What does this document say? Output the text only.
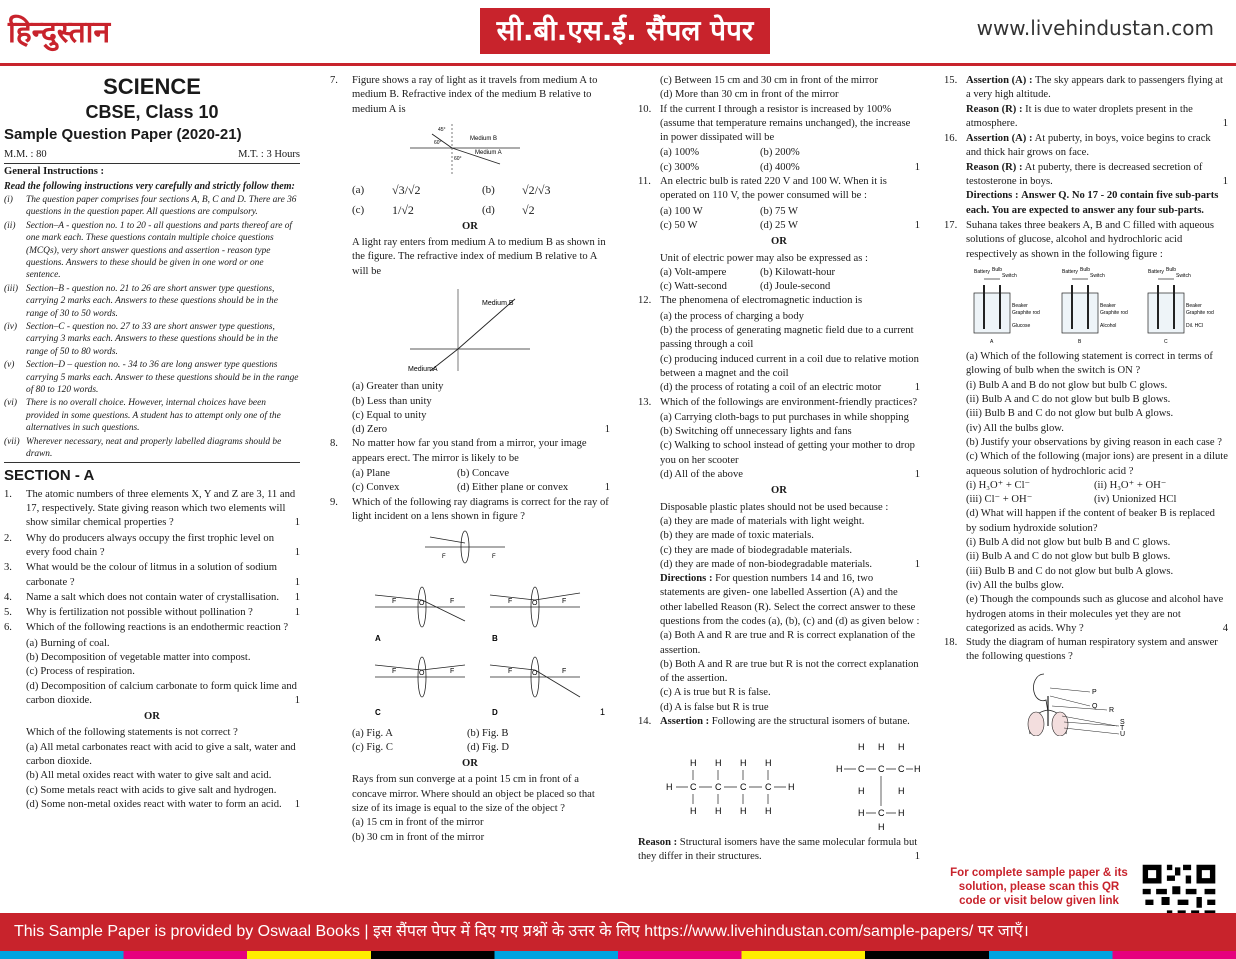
हिन्दुस्तान	सी.बी.एस.ई. सैंपल पेपर	www.livehindustan.com
SCIENCE
CBSE, Class 10
Sample Question Paper (2020-21)
M.M. : 80	M.T. : 3 Hours
General Instructions :
Read the following instructions very carefully and strictly follow them:
(i)	The question paper comprises four sections A, B, C and D. There are 36 questions in the question paper. All questions are compulsory.
(ii)	Section–A - question no. 1 to 20 - all questions and parts thereof are of one mark each. These questions contain multiple choice questions (MCQs), very short answer questions and assertion - reason type questions. Answers to these should be given in one word or one sentence.
(iii) Section–B - question no. 21 to 26 are short answer type questions, carrying 2 marks each. Answers to these questions should be in the range of 30 to 50 words.
(iv) Section–C - question no. 27 to 33 are short answer type questions, carrying 3 marks each. Answers to these questions should be in the range of 50 to 80 words.
(v)	Section–D – question no. - 34 to 36 are long answer type questions carrying 5 marks each. Answer to these questions should be in the range of 80 to 120 words.
(vi) There is no overall choice. However, internal choices have been provided in some questions. A student has to attempt only one of the alternatives in such questions.
(vii) Wherever necessary, neat and properly labelled diagrams should be drawn.
SECTION - A
1.	The atomic numbers of three elements X, Y and Z are 3, 11 and 17, respectively. State giving reason which two elements will show similar chemical properties ?	1
2.	Why do producers always occupy the first trophic level on every food chain ?	1
3.	What would be the colour of litmus in a solution of sodium carbonate ?	1
4.	Name a salt which does not contain water of crystallisation. 1
5.	Why is fertilization not possible without pollination ?	1
6.	Which of the following reactions is an endothermic reaction ?
(a) Burning of coal.
(b) Decomposition of vegetable matter into compost.
(c) Process of respiration.
(d) Decomposition of calcium carbonate to form quick lime and carbon dioxide.	1
OR
Which of the following statements is not correct ?
(a) All metal carbonates react with acid to give a salt, water and carbon dioxide.
(b) All metal oxides react with water to give salt and acid.
(c) Some metals react with acids to give salt and hydrogen.
(d) Some non-metal oxides react with water to form an acid. 1
7.	Figure shows a ray of light as it travels from medium A to medium B. Refractive index of the medium B relative to medium A is
Medium B
Medium A
45°
60°
60°
(a)	√3/√2	(b)	√2/√3
(c)	1/√2	(d)	√2
OR
A light ray enters from medium A to medium B as shown in the figure. The refractive index of medium B relative to A will be
Medium B
MediumA
(a) Greater than unity
(b) Less than unity
(c) Equal to unity
(d) Zero	1
8.	No matter how far you stand from a mirror, your image appears erect. The mirror is likely to be
(a) Plane	(b) Concave
(c) Convex	(d) Either plane or convex	1
9.	Which of the following ray diagrams is correct for the ray of light incident on a lens shown in figure ?
F	F
F	O	F
A
F	O	F
B
F	O	F
C
F	O	F
D	1
(a) Fig. A	(b) Fig. B
(c) Fig. C	(d) Fig. D
OR
Rays from sun converge at a point 15 cm in front of a concave mirror. Where should an object be placed so that size of its image is equal to the size of the object ?
(a) 15 cm in front of the mirror
(b) 30 cm in front of the mirror
(c) Between 15 cm and 30 cm in front of the mirror
(d) More than 30 cm in front of the mirror
10. If the current I through a resistor is increased by 100% (assume that temperature remains unchanged), the increase in power dissipated will be
(a) 100%	(b) 200%
(c) 300%	(d) 400%	1
11. An electric bulb is rated 220 V and 100 W. When it is operated on 110 V, the power consumed will be :
(a) 100 W	(b) 75 W
(c) 50 W	(d) 25 W	1
OR
Unit of electric power may also be expressed as :
(a) Volt-ampere	(b) Kilowatt-hour
(c) Watt-second	(d) Joule-second
12. The phenomena of electromagnetic induction is
(a) the process of charging a body
(b) the process of generating magnetic field due to a current passing through a coil
(c) producing induced current in a coil due to relative motion between a magnet and the coil
(d) the process of rotating a coil of an electric motor	1
13. Which of the followings are environment-friendly practices?
(a) Carrying cloth-bags to put purchases in while shopping
(b) Switching off unnecessary lights and fans
(c) Walking to school instead of getting your mother to drop you on her scooter
(d) All of the above	1
OR
Disposable plastic plates should not be used because :
(a) they are made of materials with light weight.
(b) they are made of toxic materials.
(c) they are made of biodegradable materials.
(d) they are made of non-biodegradable materials.	1
Directions : For question numbers 14 and 16, two statements are given- one labelled Assertion (A) and the other labelled Reason (R). Select the correct answer to these questions from the codes (a), (b), (c) and (d) as given below :
(a) Both A and R are true and R is correct explanation of the assertion.
(b) Both A and R are true but R is not the correct explanation of the assertion.
(c) A is true but R is false.
(d) A is false but R is true
14. Assertion : Following are the structural isomers of butane.
H H H H
H C C C C H
H H H H
H H H
H C C C H
H	H
H C H
H
Reason : Structural isomers have the same molecular formula but they differ in their structures.	1
15. Assertion (A) : The sky appears dark to passengers flying at a very high altitude.
Reason (R) : It is due to water droplets present in the atmosphere.	1
16. Assertion (A) : At puberty, in boys, voice begins to crack and thick hair grows on face.
Reason (R) : At puberty, there is decreased secretion of testosterone in boys.	1

Directions : Answer Q. No 17 - 20 contain five sub-parts each. You are expected to answer any four sub-parts.
17. Suhana takes three beakers A, B and C filled with aqueous solutions of glucose, alcohol and hydrochloric acid respectively as shown in the following figure :
Battery Bulb
Switch
Beaker
Graphite rod
Glucose
A
Battery Bulb
Switch
Beaker
Graphite rod
Alcohol
B
Battery Bulb
Switch
Beaker
Graphite rod
Dil. HCl
C
(a) Which of the following statement is correct in terms of glowing of bulb when the switch is ON ?
(i) Bulb A and B do not glow but bulb C glows.
(ii) Bulb A and C do not glow but bulb B glows.
(iii) Bulb B and C do not glow but bulb A glows.
(iv) All the bulbs glow.
(b) Justify your observations by giving reason in each case ?
(c) Which of the following (major ions) are present in a dilute aqueous solution of hydrochloric acid ?
(i) H₃O⁺ + Cl⁻	(ii) H₃O⁺ + OH⁻
(iii) Cl⁻ + OH⁻	(iv) Unionized HCl
(d) What will happen if the content of beaker B is replaced by sodium hydroxide solution?
(i) Bulb A did not glow but bulb B and C glows.
(ii) Bulb A and C do not glow but bulb B glows.
(iii) Bulb B and C do not glow but bulb A glows.
(iv) All the bulbs glow.
(e) Though the compounds such as glucose and alcohol have hydrogen atoms in their molecules yet they are not categorized as acids. Why ?	4
18. Study the diagram of human respiratory system and answer the following questions ?
P
Q
R
S
T
U
For complete sample paper & its solution, please scan this QR code or visit below given link
This Sample Paper is provided by Oswaal Books | इस सैंपल पेपर में दिए गए प्रश्नों के उत्तर के लिए https://www.livehindustan.com/sample-papers/ पर जाएँ।
